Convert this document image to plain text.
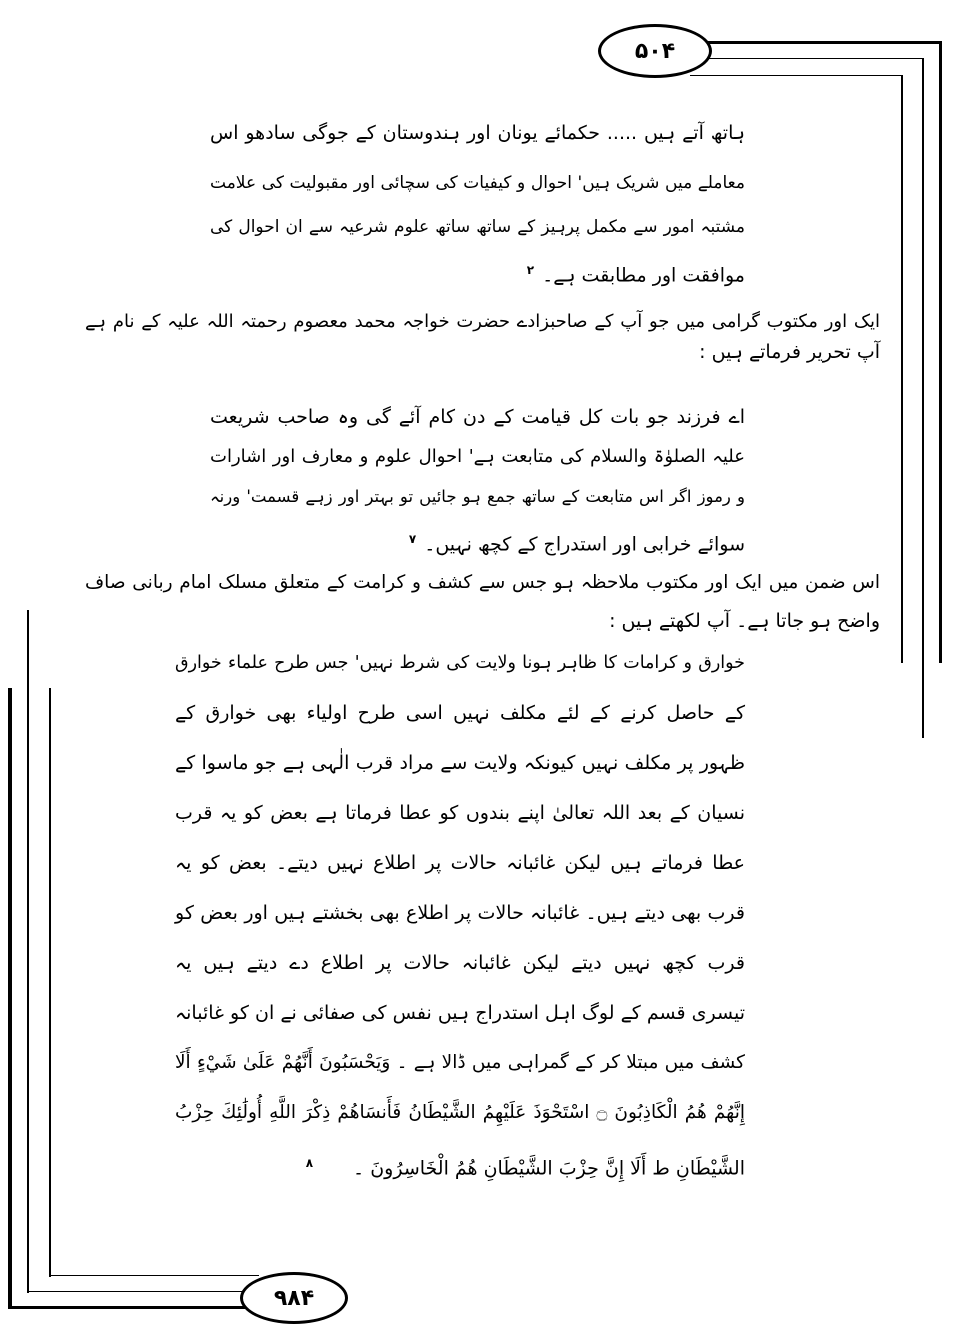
۵۰۴
۹۸۴
ہاتھ آتے ہیں ..... حکمائے یونان اور ہندوستان کے جوگی سادھو اس
معاملے میں شریک ہیں' احوال و کیفیات کی سچائی اور مقبولیت کی علامت
مشتبہ امور سے مکمل پرہیز کے ساتھ ساتھ علوم شرعیہ سے ان احوال کی
موافقت اور مطابقت ہے۔$^۲$
ایک اور مکتوب گرامی میں جو آپ کے صاحبزادے حضرت خواجہ محمد معصوم رحمتہ اللہ علیہ کے نام ہے
آپ تحریر فرماتے ہیں :
اے فرزند جو بات کل قیامت کے دن کام آئے گی وہ صاحب شریعت
علیہ الصلوٰۃ والسلام کی متابعت ہے' احوال علوم و معارف اور اشارات
و رموز اگر اس متابعت کے ساتھ جمع ہو جائیں تو بہتر اور زہے قسمت' ورنہ
سوائے خرابی اور استدراج کے کچھ نہیں۔$^۷$
اس ضمن میں ایک اور مکتوب ملاحظہ ہو جس سے کشف و کرامت کے متعلق مسلک امام ربانی صاف
واضح ہو جاتا ہے۔ آپ لکھتے ہیں :
خوارق و کرامات کا ظاہر ہونا ولایت کی شرط نہیں' جس طرح علماء خوارق
کے حاصل کرنے کے لئے مکلف نہیں اسی طرح اولیاء بھی خوارق کے
ظہور پر مکلف نہیں کیونکہ ولایت سے مراد قرب الٰہی ہے جو ماسوا کے
نسیان کے بعد اللہ تعالیٰ اپنے بندوں کو عطا فرماتا ہے بعض کو یہ قرب
عطا فرماتے ہیں لیکن غائبانہ حالات پر اطلاع نہیں دیتے۔ بعض کو یہ
قرب بھی دیتے ہیں۔ غائبانہ حالات پر اطلاع بھی بخشتے ہیں اور بعض کو
قرب کچھ نہیں دیتے لیکن غائبانہ حالات پر اطلاع دے دیتے ہیں یہ
تیسری قسم کے لوگ اہل استدراج ہیں نفس کی صفائی نے ان کو غائبانہ
کشف میں مبتلا کر کے گمراہی میں ڈالا ہے ۔ وَيَحْسَبُونَ أَنَّهُمْ عَلَىٰ شَيْءٍ أَلَا
إِنَّهُمْ هُمُ الْكَاذِبُونَ ۝ اسْتَحْوَذَ عَلَيْهِمُ الشَّيْطَانُ فَأَنسَاهُمْ ذِكْرَ اللَّهِ أُولَٰئِكَ حِزْبُ
الشَّيْطَانِ ط أَلَا إِنَّ حِزْبَ الشَّيْطَانِ هُمُ الْخَاسِرُونَ ۔$^۸$
